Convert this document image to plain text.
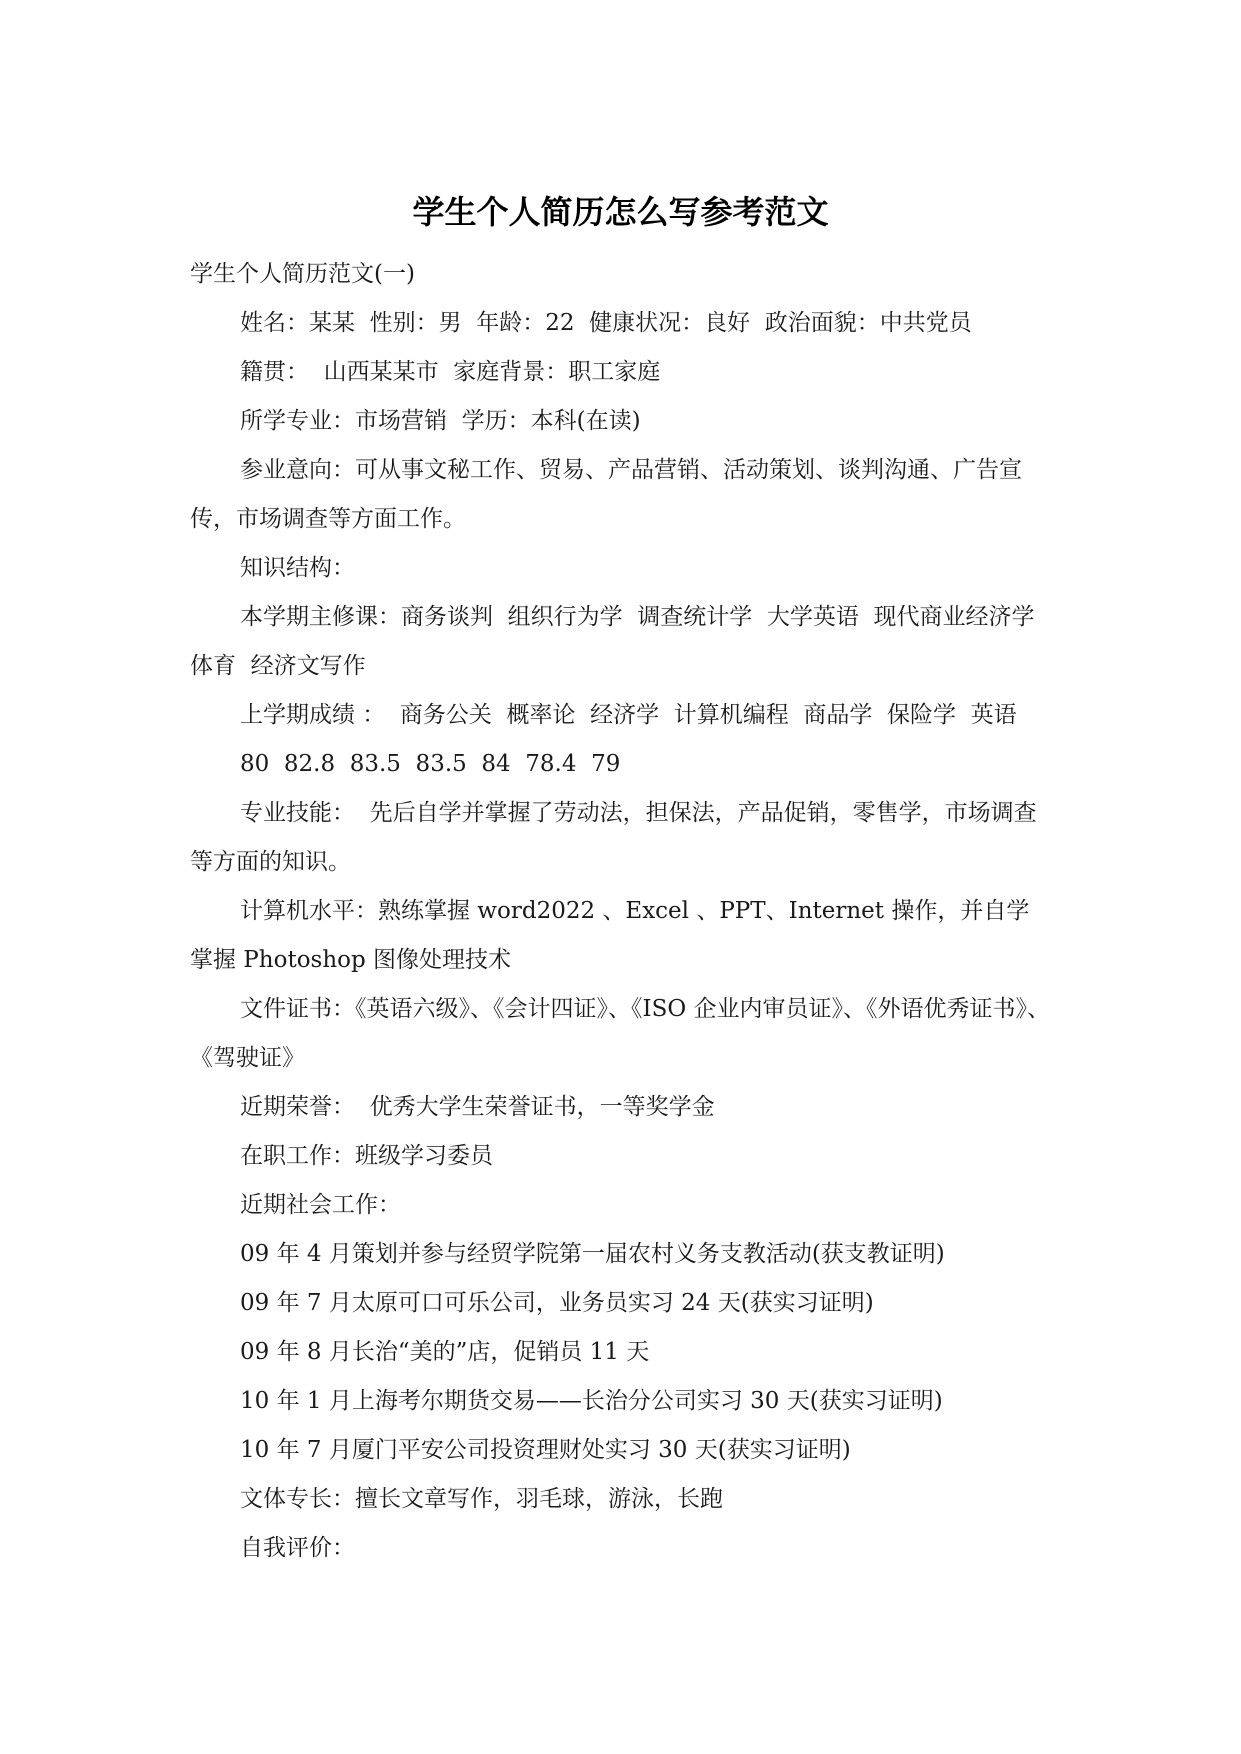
学生个人简历怎么写参考范文

学生个人简历范文(一)

姓名：某某  性别：男  年龄：22  健康状况：良好  政治面貌：中共党员

籍贯：  山西某某市  家庭背景：职工家庭

所学专业：市场营销  学历：本科(在读)

参业意向：可从事文秘工作、贸易、产品营销、活动策划、谈判沟通、广告宣传，市场调查等方面工作。

知识结构：

本学期主修课：商务谈判  组织行为学  调查统计学  大学英语  现代商业经济学  体育  经济文写作

上学期成绩 ：  商务公关  概率论  经济学  计算机编程  商品学  保险学  英语

80  82.8  83.5  83.5  84  78.4  79

专业技能：  先后自学并掌握了劳动法，担保法，产品促销，零售学，市场调查等方面的知识。

计算机水平：熟练掌握 word2022 、Excel 、PPT、Internet 操作，并自学掌握 Photoshop 图像处理技术

文件证书：《英语六级》、《会计四证》、《ISO 企业内审员证》、《外语优秀证书》、《驾驶证》

近期荣誉：  优秀大学生荣誉证书，一等奖学金

在职工作：班级学习委员

近期社会工作：

09 年 4 月策划并参与经贸学院第一届农村义务支教活动(获支教证明)

09 年 7 月太原可口可乐公司，业务员实习 24 天(获实习证明)

09 年 8 月长治“美的”店，促销员 11 天

10 年 1 月上海考尔期货交易——长治分公司实习 30 天(获实习证明)

10 年 7 月厦门平安公司投资理财处实习 30 天(获实习证明)

文体专长：擅长文章写作，羽毛球，游泳，长跑

自我评价：
